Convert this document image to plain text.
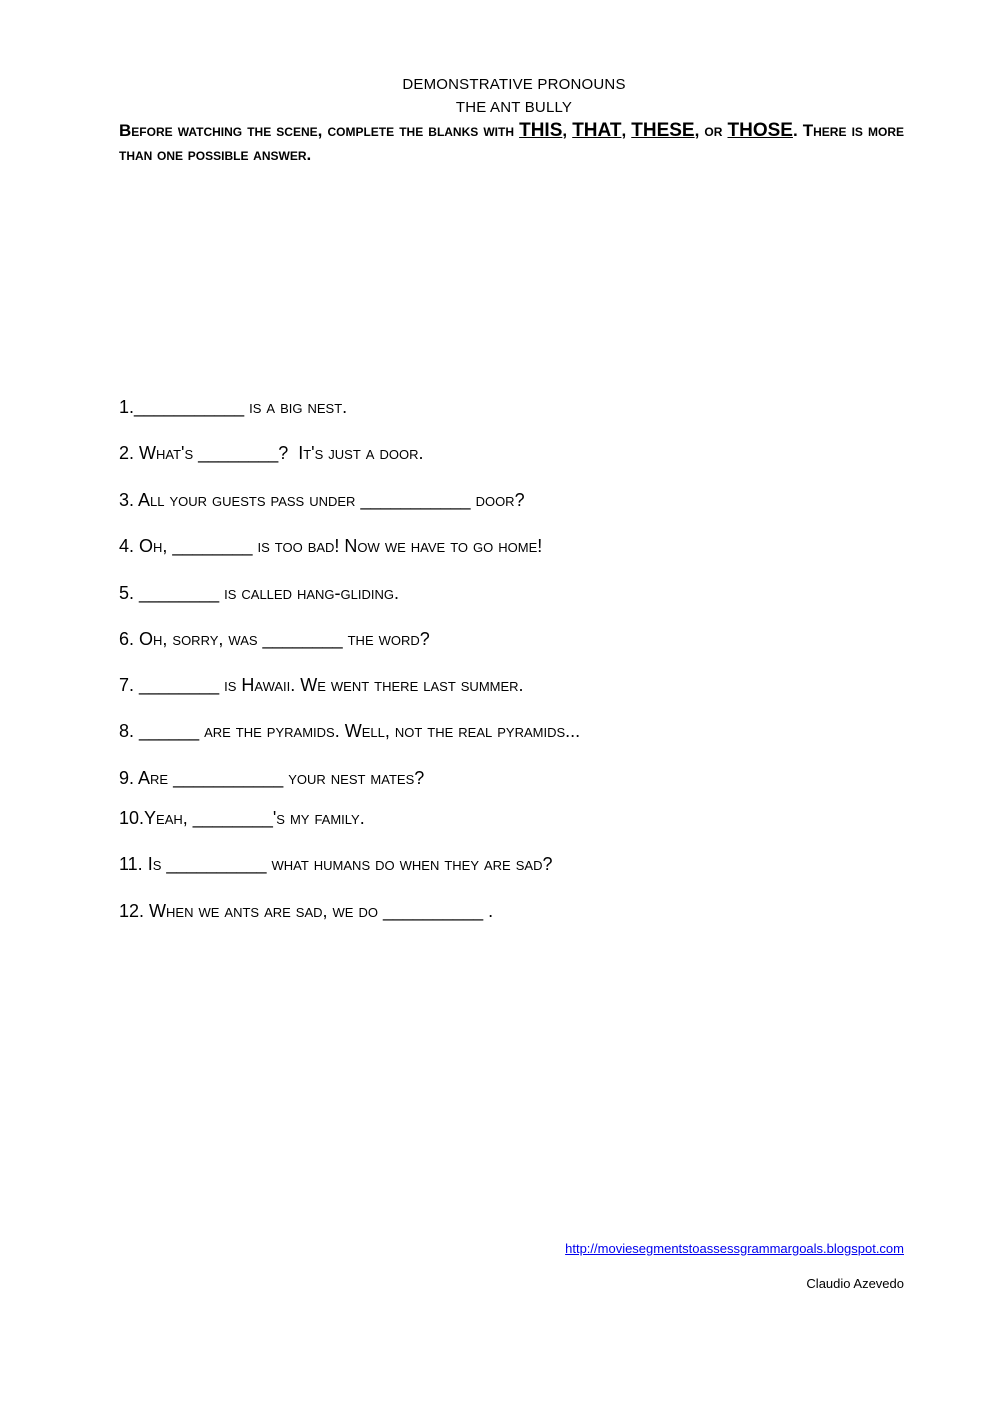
DEMONSTRATIVE PRONOUNS
THE ANT BULLY
Before watching the scene, complete the blanks with THIS, THAT, THESE, or THOSE. There is more than one possible answer.
1.___________ is a big nest.
2. What's ________?  It's just a door.
3. All your guests pass under ___________ door?
4. Oh, ________ is too bad! Now we have to go home!
5. ________ is called hang-gliding.
6. Oh, sorry, was ________ the word?
7. ________ is Hawaii. We went there last summer.
8. ______ are the pyramids. Well, not the real pyramids...
9. Are ___________ your nest mates?
10.Yeah, ________'s my family.
11. Is __________ what humans do when they are sad?
12. When we ants are sad, we do __________ .
http://moviesegmentstoassessgrammargoals.blogspot.com
Claudio Azevedo
